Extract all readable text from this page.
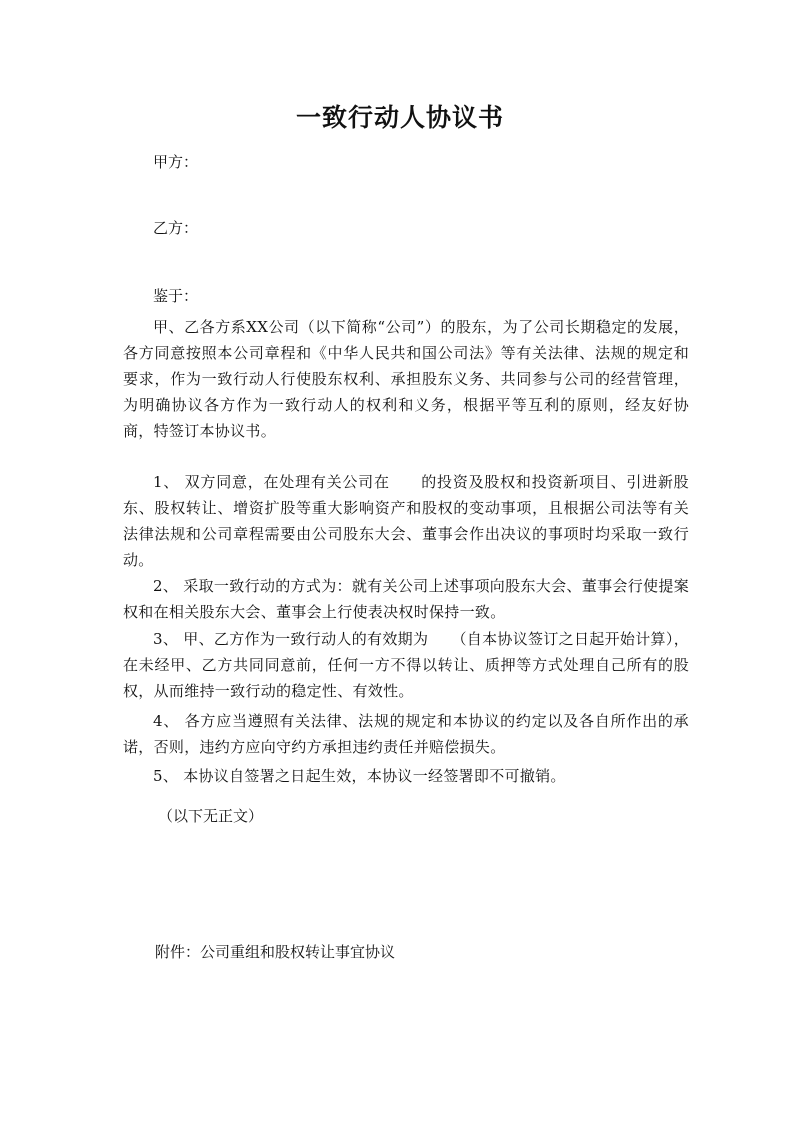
一致行动人协议书
甲方：
乙方：
鉴于：
甲、乙各方系XX公司（以下简称“公司”）的股东，为了公司长期稳定的发展，各方同意按照本公司章程和《中华人民共和国公司法》等有关法律、法规的规定和要求，作为一致行动人行使股东权利、承担股东义务、共同参与公司的经营管理，为明确协议各方作为一致行动人的权利和义务，根据平等互利的原则，经友好协商，特签订本协议书。
1、 双方同意，在处理有关公司在　　的投资及股权和投资新项目、引进新股东、股权转让、增资扩股等重大影响资产和股权的变动事项，且根据公司法等有关法律法规和公司章程需要由公司股东大会、董事会作出决议的事项时均采取一致行动。
2、 采取一致行动的方式为：就有关公司上述事项向股东大会、董事会行使提案权和在相关股东大会、董事会上行使表决权时保持一致。
3、 甲、乙方作为一致行动人的有效期为　　（自本协议签订之日起开始计算），在未经甲、乙方共同同意前，任何一方不得以转让、质押等方式处理自己所有的股权，从而维持一致行动的稳定性、有效性。
4、 各方应当遵照有关法律、法规的规定和本协议的约定以及各自所作出的承诺，否则，违约方应向守约方承担违约责任并赔偿损失。
5、 本协议自签署之日起生效，本协议一经签署即不可撤销。
（以下无正文）
附件：公司重组和股权转让事宜协议
